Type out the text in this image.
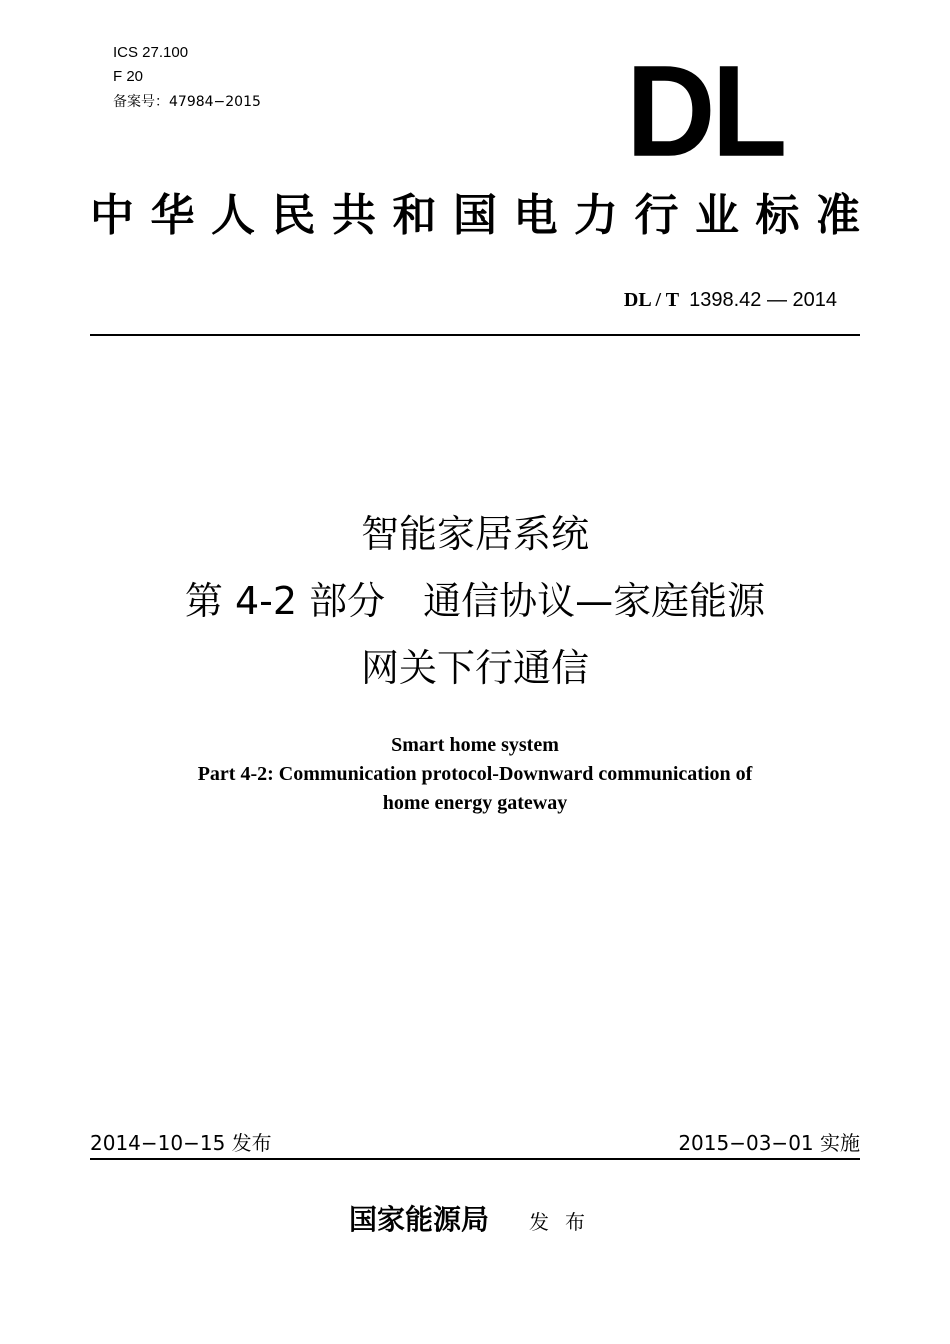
ICS 27.100
F 20
备案号：47984−2015	DL
中华人民共和国电力行业标准
DL / T 1398.42 — 2014
智能家居系统
第 4-2 部分　通信协议—家庭能源
网关下行通信
Smart home system
Part 4-2: Communication protocol-Downward communication of
home energy gateway
2014−10−15 发布	2015−03−01 实施
国家能源局 发布
